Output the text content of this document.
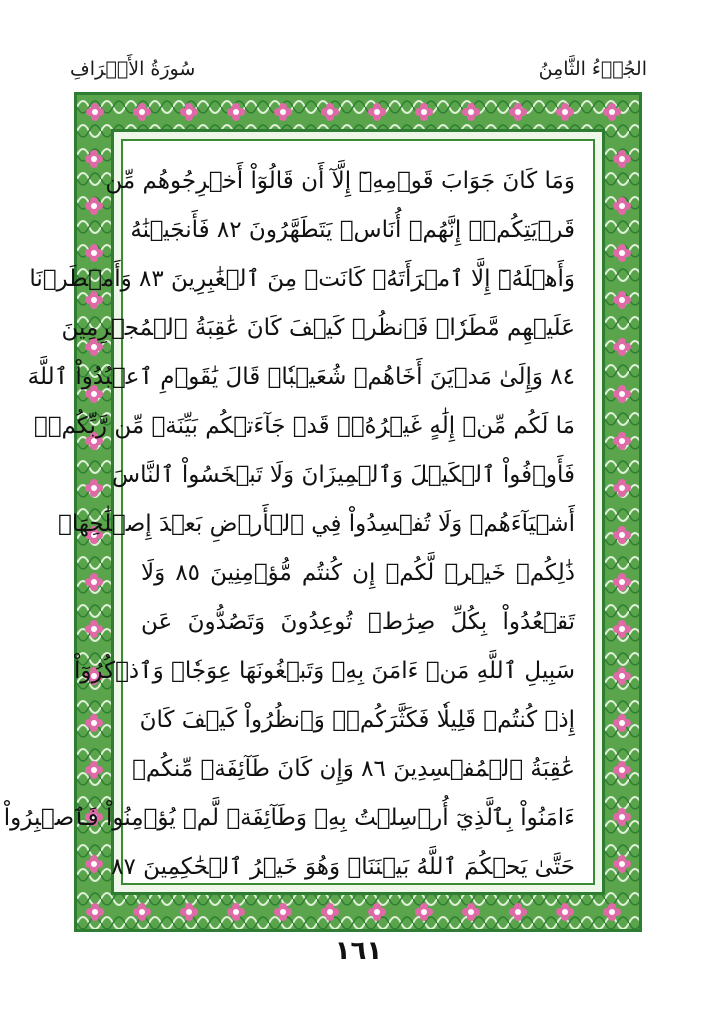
سُورَةُ الأَعۡرَافِ	الجُزۡءُ الثَّامِنُ
وَمَا كَانَ جَوَابَ قَوۡمِهِۦٓ إِلَّآ أَن قَالُوٓاْ أَخۡرِجُوهُم مِّن
قَرۡيَتِكُمۡۖ إِنَّهُمۡ أُنَاسٞ يَتَطَهَّرُونَ ٨٢ فَأَنجَيۡنَٰهُ
وَأَهۡلَهُۥٓ إِلَّا ٱمۡرَأَتَهُۥ كَانَتۡ مِنَ ٱلۡغَٰبِرِينَ ٨٣ وَأَمۡطَرۡنَا
عَلَيۡهِم مَّطَرٗاۖ فَٱنظُرۡ كَيۡفَ كَانَ عَٰقِبَةُ ٱلۡمُجۡرِمِينَ
٨٤ وَإِلَىٰ مَدۡيَنَ أَخَاهُمۡ شُعَيۡبٗاۚ قَالَ يَٰقَوۡمِ ٱعۡبُدُواْ ٱللَّهَ
مَا لَكُم مِّنۡ إِلَٰهٍ غَيۡرُهُۥۖ قَدۡ جَآءَتۡكُم بَيِّنَةٞ مِّن رَّبِّكُمۡۖ
فَأَوۡفُواْ ٱلۡكَيۡلَ وَٱلۡمِيزَانَ وَلَا تَبۡخَسُواْ ٱلنَّاسَ
أَشۡيَآءَهُمۡ وَلَا تُفۡسِدُواْ فِي ٱلۡأَرۡضِ بَعۡدَ إِصۡلَٰحِهَاۚ
ذَٰلِكُمۡ خَيۡرٞ لَّكُمۡ إِن كُنتُم مُّؤۡمِنِينَ ٨٥ وَلَا
تَقۡعُدُواْ بِكُلِّ صِرَٰطٖ تُوعِدُونَ وَتَصُدُّونَ عَن
سَبِيلِ ٱللَّهِ مَنۡ ءَامَنَ بِهِۦ وَتَبۡغُونَهَا عِوَجٗاۚ وَٱذۡكُرُوٓاْ
إِذۡ كُنتُمۡ قَلِيلٗا فَكَثَّرَكُمۡۖ وَٱنظُرُواْ كَيۡفَ كَانَ
عَٰقِبَةُ ٱلۡمُفۡسِدِينَ ٨٦ وَإِن كَانَ طَآئِفَةٞ مِّنكُمۡ
ءَامَنُواْ بِٱلَّذِيٓ أُرۡسِلۡتُ بِهِۦ وَطَآئِفَةٞ لَّمۡ يُؤۡمِنُواْ فَٱصۡبِرُواْ
حَتَّىٰ يَحۡكُمَ ٱللَّهُ بَيۡنَنَاۚ وَهُوَ خَيۡرُ ٱلۡحَٰكِمِينَ ٨٧
١٦١
